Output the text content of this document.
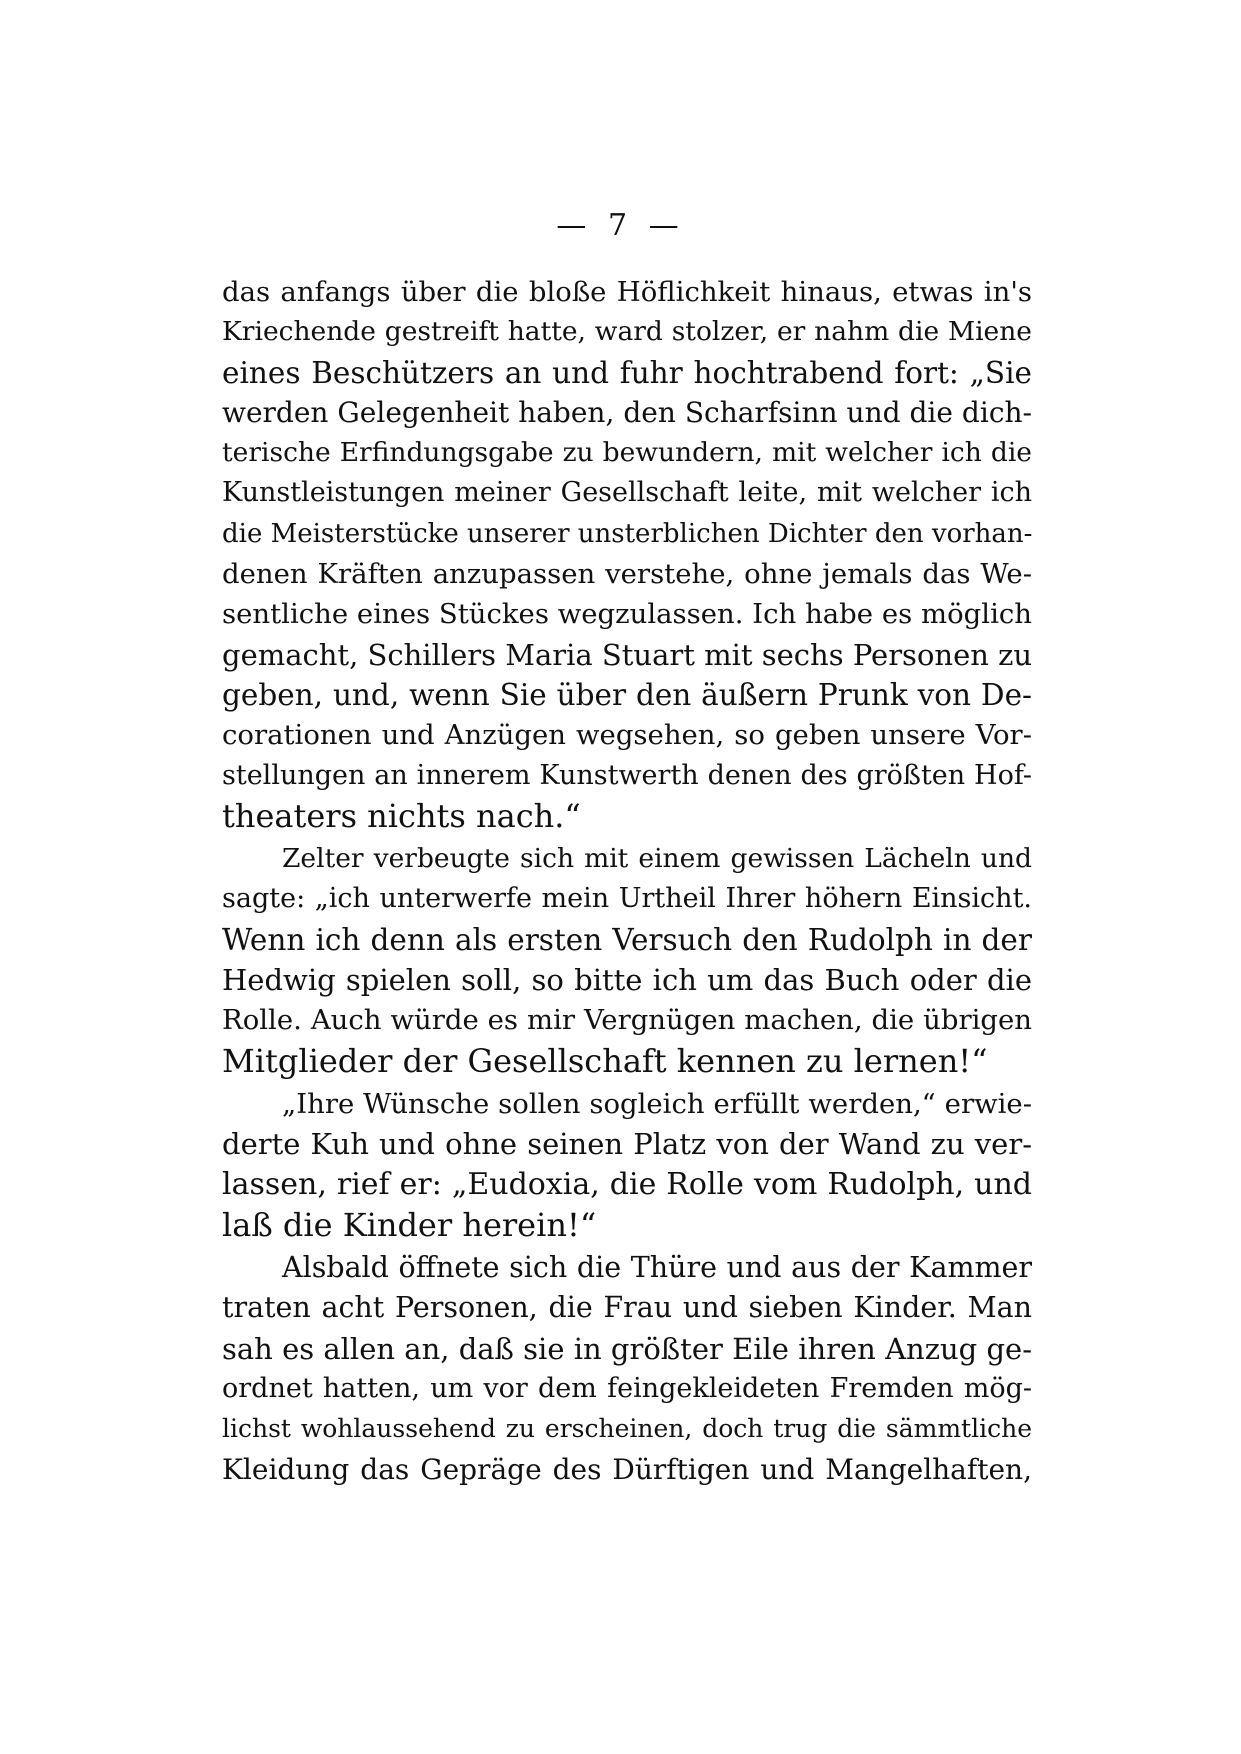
— 7 —
das anfangs über die bloße Höflichkeit hinaus, etwas in's
Kriechende gestreift hatte, ward stolzer, er nahm die Miene
eines Beschützers an und fuhr hochtrabend fort: „Sie
werden Gelegenheit haben, den Scharfsinn und die dich-
terische Erfindungsgabe zu bewundern, mit welcher ich die
Kunstleistungen meiner Gesellschaft leite, mit welcher ich
die Meisterstücke unserer unsterblichen Dichter den vorhan-
denen Kräften anzupassen verstehe, ohne jemals das We-
sentliche eines Stückes wegzulassen. Ich habe es möglich
gemacht, Schillers Maria Stuart mit sechs Personen zu
geben, und, wenn Sie über den äußern Prunk von De-
corationen und Anzügen wegsehen, so geben unsere Vor-
stellungen an innerem Kunstwerth denen des größten Hof-
theaters nichts nach.“
Zelter verbeugte sich mit einem gewissen Lächeln und
sagte: „ich unterwerfe mein Urtheil Ihrer höhern Einsicht.
Wenn ich denn als ersten Versuch den Rudolph in der
Hedwig spielen soll, so bitte ich um das Buch oder die
Rolle. Auch würde es mir Vergnügen machen, die übrigen
Mitglieder der Gesellschaft kennen zu lernen!“
„Ihre Wünsche sollen sogleich erfüllt werden,“ erwie-
derte Kuh und ohne seinen Platz von der Wand zu ver-
lassen, rief er: „Eudoxia, die Rolle vom Rudolph, und
laß die Kinder herein!“
Alsbald öffnete sich die Thüre und aus der Kammer
traten acht Personen, die Frau und sieben Kinder. Man
sah es allen an, daß sie in größter Eile ihren Anzug ge-
ordnet hatten, um vor dem feingekleideten Fremden mög-
lichst wohlaussehend zu erscheinen, doch trug die sämmtliche
Kleidung das Gepräge des Dürftigen und Mangelhaften,
